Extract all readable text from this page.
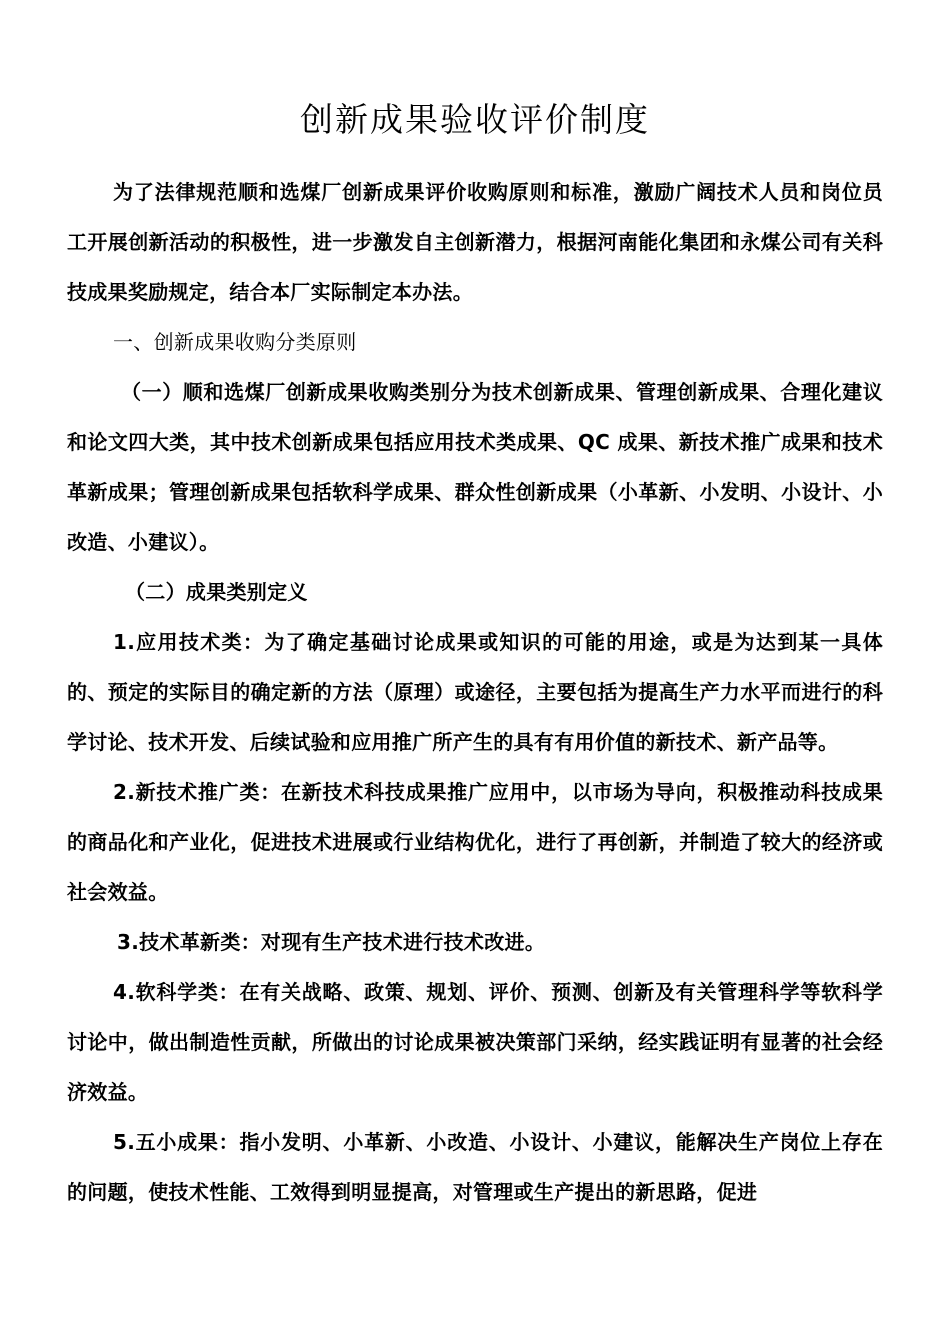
创新成果验收评价制度

为了法律规范顺和选煤厂创新成果评价收购原则和标准，激励广阔技术人员和岗位员工开展创新活动的积极性，进一步激发自主创新潜力，根据河南能化集团和永煤公司有关科技成果奖励规定，结合本厂实际制定本办法。

一、创新成果收购分类原则

（一）顺和选煤厂创新成果收购类别分为技术创新成果、管理创新成果、合理化建议和论文四大类，其中技术创新成果包括应用技术类成果、QC 成果、新技术推广成果和技术革新成果；管理创新成果包括软科学成果、群众性创新成果（小革新、小发明、小设计、小改造、小建议）。

（二）成果类别定义

1.应用技术类：为了确定基础讨论成果或知识的可能的用途，或是为达到某一具体的、预定的实际目的确定新的方法（原理）或途径，主要包括为提高生产力水平而进行的科学讨论、技术开发、后续试验和应用推广所产生的具有有用价值的新技术、新产品等。

2.新技术推广类：在新技术科技成果推广应用中，以市场为导向，积极推动科技成果的商品化和产业化，促进技术进展或行业结构优化，进行了再创新，并制造了较大的经济或社会效益。

3.技术革新类：对现有生产技术进行技术改进。

4.软科学类：在有关战略、政策、规划、评价、预测、创新及有关管理科学等软科学讨论中，做出制造性贡献，所做出的讨论成果被决策部门采纳，经实践证明有显著的社会经济效益。

5.五小成果：指小发明、小革新、小改造、小设计、小建议，能解决生产岗位上存在的问题，使技术性能、工效得到明显提高，对管理或生产提出的新思路，促进
